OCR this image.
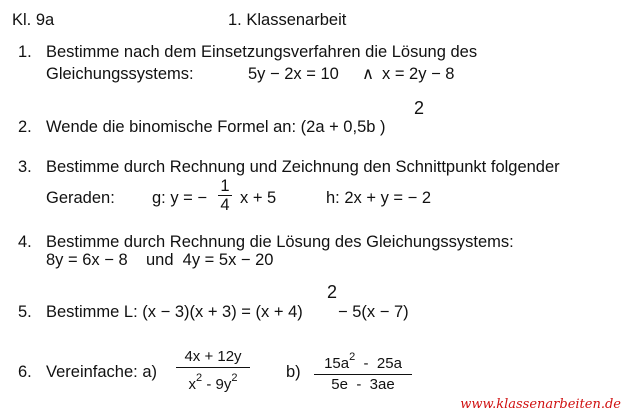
Kl. 9a	1. Klassenarbeit
1. Bestimme nach dem Einsetzungsverfahren die Lösung des
Gleichungssystems:	5y − 2x = 10 ∧ x = 2y − 8
2. Wende die binomische Formel an: (2a + 0,5b )
2
3. Bestimme durch Rechnung und Zeichnung den Schnittpunkt folgender
Geraden: g: y = −
1
4 x + 5	h: 2x + y = − 2
4. Bestimme durch Rechnung die Lösung des Gleichungssystems:
8y = 6x − 8    und  4y = 5x − 20
5. Bestimme L: (x − 3)(x + 3) = (x + 4)
2
− 5(x − 7)
6. Vereinfache: a)
4x + 12y
$x^2 - 9y^2$	b) $15a^2 - 25a$
5e  -  3ae
www.klassenarbeiten.de
